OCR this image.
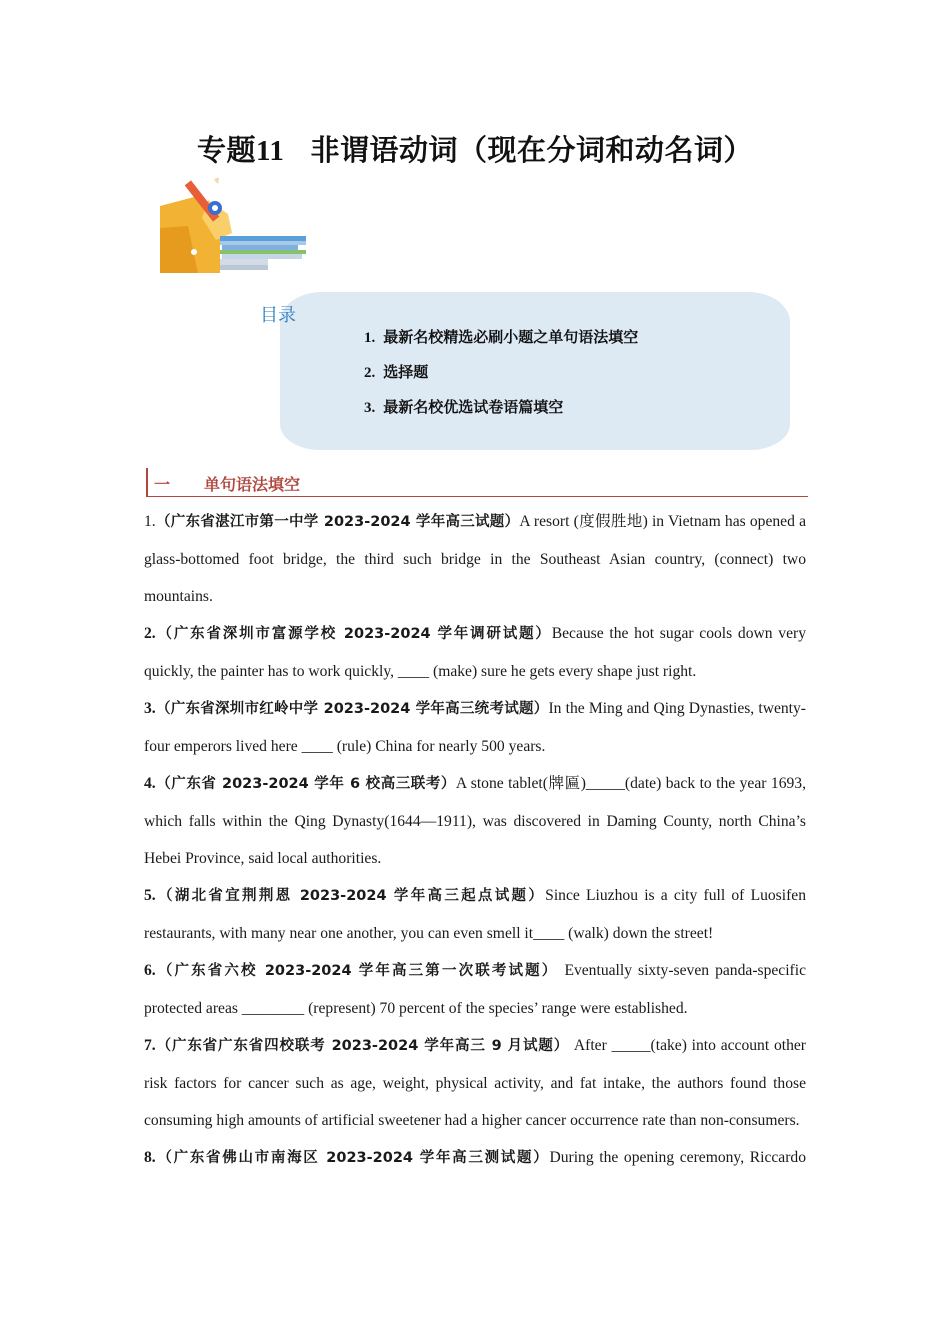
专题11 非谓语动词（现在分词和动名词）
目录
1. 最新名校精选必刷小题之单句语法填空
2. 选择题
3. 最新名校优选试卷语篇填空
一 单句语法填空

1.（广东省湛江市第一中学 2023-2024 学年高三试题）A resort (度假胜地) in Vietnam has opened a glass-bottomed foot bridge, the third such bridge in the Southeast Asian country, (connect) two mountains.

2.（广东省深圳市富源学校 2023-2024 学年调研试题）Because the hot sugar cools down very quickly, the painter has to work quickly, ____ (make) sure he gets every shape just right.

3.（广东省深圳市红岭中学 2023-2024 学年高三统考试题）In the Ming and Qing Dynasties, twenty-four emperors lived here ____ (rule) China for nearly 500 years.

4.（广东省 2023-2024 学年 6 校高三联考）A stone tablet(牌匾)_____(date) back to the year 1693, which falls within the Qing Dynasty(1644—1911), was discovered in Daming County, north China’s Hebei Province, said local authorities.

5.（湖北省宜荆荆恩 2023-2024 学年高三起点试题）Since Liuzhou is a city full of Luosifen restaurants, with many near one another, you can even smell it____ (walk) down the street!

6.（广东省六校 2023-2024 学年高三第一次联考试题） Eventually sixty-seven panda-specific protected areas ________ (represent) 70 percent of the species’ range were established.

7.（广东省广东省四校联考 2023-2024 学年高三 9 月试题） After _____(take) into account other risk factors for cancer such as age, weight, physical activity, and fat intake, the authors found those consuming high amounts of artificial sweetener had a higher cancer occurrence rate than non-consumers.

8.（广东省佛山市南海区 2023-2024 学年高三测试题）During the opening ceremony, Riccardo
